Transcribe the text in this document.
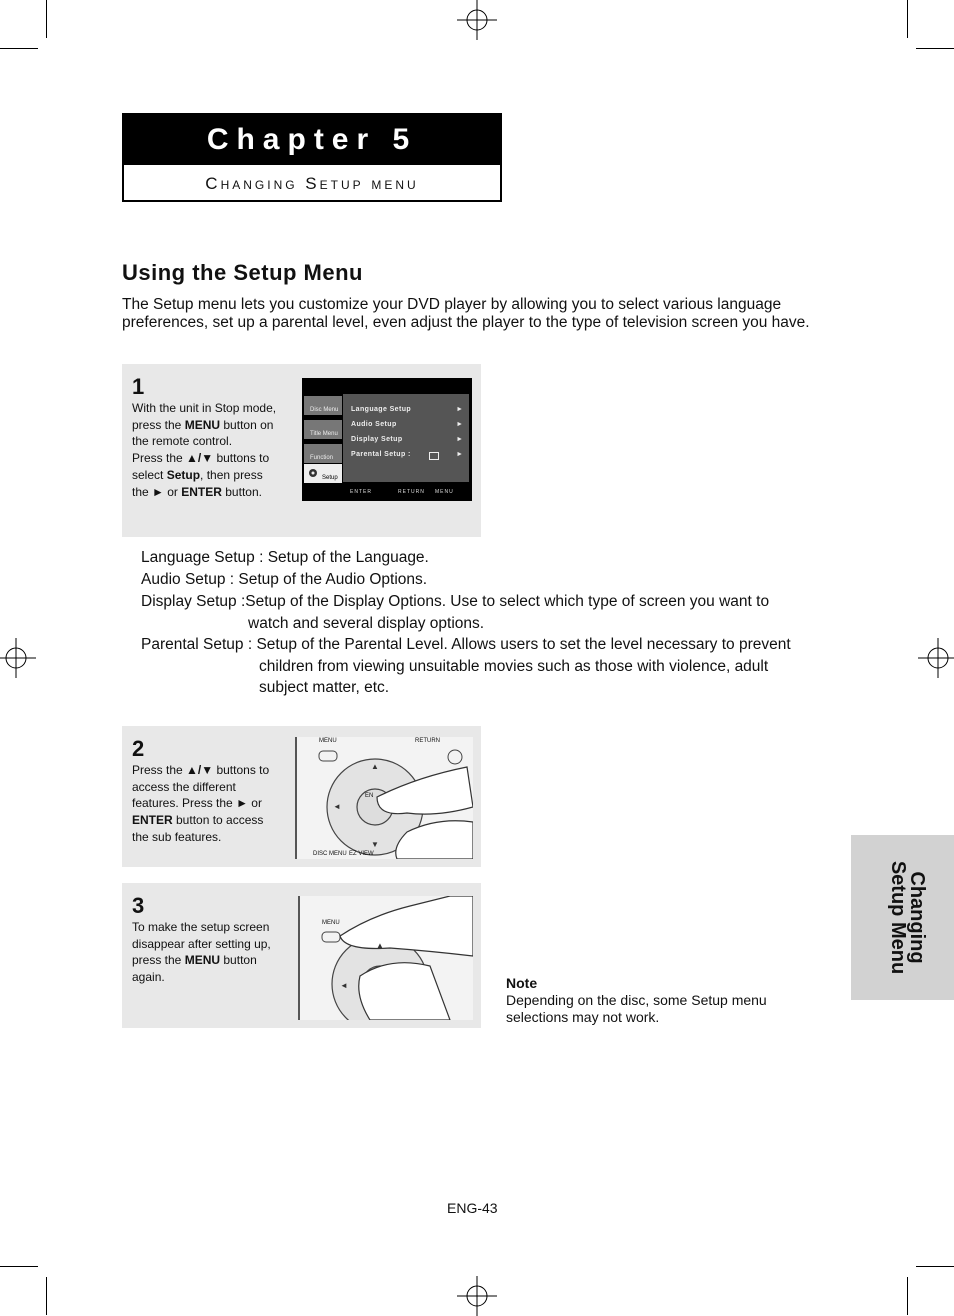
Chapter 5
Changing Setup menu
Using the Setup Menu
The Setup menu lets you customize your DVD player by allowing you to select various language preferences, set up a parental level, even adjust the player to the type of television screen you have.
1
With the unit in Stop mode, press the MENU button on the remote control.
Press the ▲/▼ buttons to select Setup, then press the ► or ENTER button.
Disc Menu
Title Menu
Function
Setup
Language Setup	►
Audio Setup	►
Display Setup	►
Parental Setup :	►
ENTER	RETURN MENU
Language Setup : Setup of the Language.
Audio Setup : Setup of the Audio Options.
Display Setup :Setup of the Display Options. Use to select which type of screen you want to
watch and several display options.
Parental Setup : Setup of the Parental Level. Allows users to set the level necessary to prevent
children from viewing unsuitable movies such as those with violence, adult
subject matter, etc.
2
Press the ▲/▼ buttons to access the different features. Press the ► or ENTER button to access the sub features.
▲
▼
◄
MENU	RETURN
DISC MENU EZ VIEW
EN
3
To make the setup screen disappear after setting up, press the MENU button again.
▲
◄
MENU	Changing
Setup Menu
Note
Depending on the disc, some Setup menu selections may not work.
ENG-43
